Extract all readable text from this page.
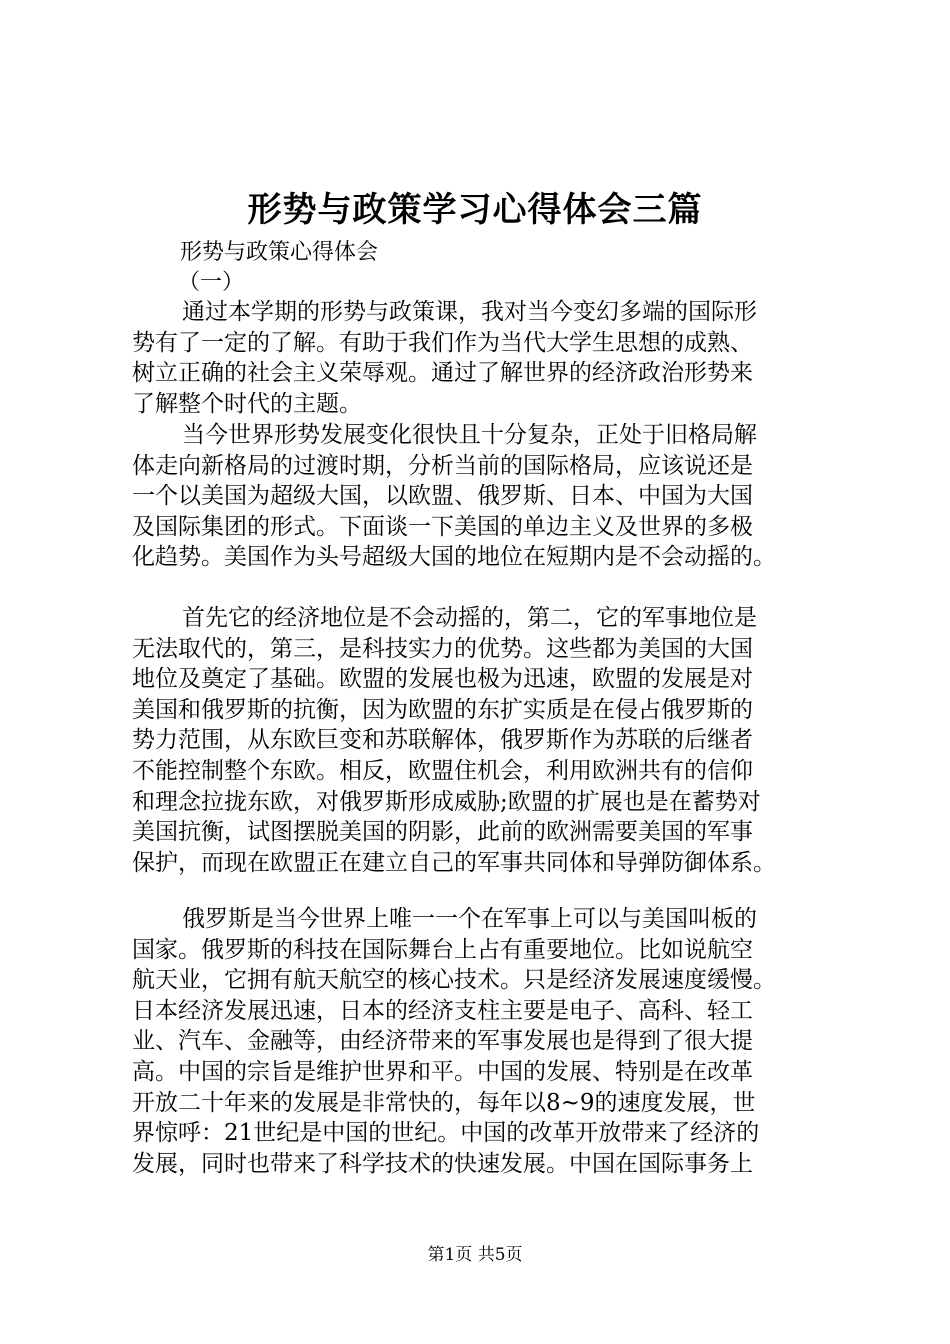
形势与政策学习心得体会三篇
形势与政策心得体会
（一）
通过本学期的形势与政策课，我对当今变幻多端的国际形
势有了一定的了解。有助于我们作为当代大学生思想的成熟、
树立正确的社会主义荣辱观。通过了解世界的经济政治形势来
了解整个时代的主题。
当今世界形势发展变化很快且十分复杂，正处于旧格局解
体走向新格局的过渡时期，分析当前的国际格局，应该说还是
一个以美国为超级大国，以欧盟、俄罗斯、日本、中国为大国
及国际集团的形式。下面谈一下美国的单边主义及世界的多极
化趋势。美国作为头号超级大国的地位在短期内是不会动摇的。
首先它的经济地位是不会动摇的，第二，它的军事地位是
无法取代的，第三，是科技实力的优势。这些都为美国的大国
地位及奠定了基础。欧盟的发展也极为迅速，欧盟的发展是对
美国和俄罗斯的抗衡，因为欧盟的东扩实质是在侵占俄罗斯的
势力范围，从东欧巨变和苏联解体，俄罗斯作为苏联的后继者
不能控制整个东欧。相反，欧盟住机会，利用欧洲共有的信仰
和理念拉拢东欧，对俄罗斯形成威胁;欧盟的扩展也是在蓄势对
美国抗衡，试图摆脱美国的阴影，此前的欧洲需要美国的军事
保护，而现在欧盟正在建立自己的军事共同体和导弹防御体系。
俄罗斯是当今世界上唯一一个在军事上可以与美国叫板的
国家。俄罗斯的科技在国际舞台上占有重要地位。比如说航空
航天业，它拥有航天航空的核心技术。只是经济发展速度缓慢。
日本经济发展迅速，日本的经济支柱主要是电子、高科、轻工
业、汽车、金融等，由经济带来的军事发展也是得到了很大提
高。中国的宗旨是维护世界和平。中国的发展、特别是在改革
开放二十年来的发展是非常快的，每年以8~9的速度发展，世
界惊呼：21世纪是中国的世纪。中国的改革开放带来了经济的
发展，同时也带来了科学技术的快速发展。中国在国际事务上
第1页 共5页
